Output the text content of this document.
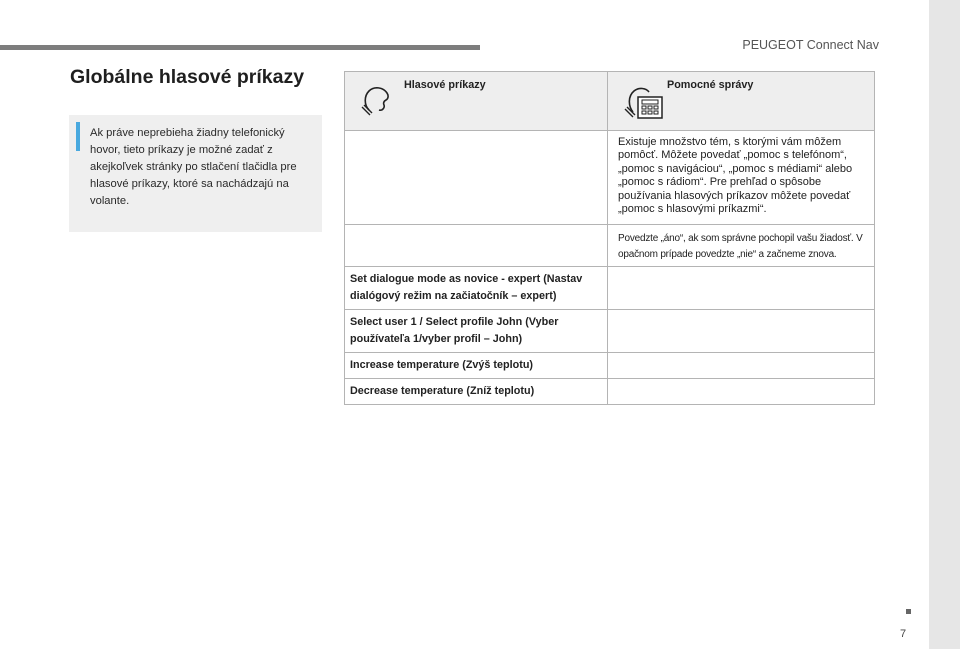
PEUGEOT Connect Nav
Globálne hlasové príkazy
Ak práve neprebieha žiadny telefonický hovor, tieto príkazy je možné zadať z akejkoľvek stránky po stlačení tlačidla pre hlasové príkazy, ktoré sa nachádzajú na volante.
Hlasové príkazy	Pomocné správy

	Existuje množstvo tém, s ktorými vám môžem pomôcť. Môžete povedať „pomoc s telefónom“, „pomoc s navigáciou“, „pomoc s médiami“ alebo „pomoc s rádiom“. Pre prehľad o spôsobe používania hlasových príkazov môžete povedať „pomoc s hlasovými príkazmi“.
	Povedzte „áno“, ak som správne pochopil vašu žiadosť. V opačnom prípade povedzte „nie“ a začneme znova.
Set dialogue mode as novice - expert (Nastav dialógový režim na začiatočník – expert)	
Select user 1 / Select profile John (Vyber používateľa 1/vyber profil – John)	
Increase temperature (Zvýš teplotu)	
Decrease temperature (Zníž teplotu)	
7
